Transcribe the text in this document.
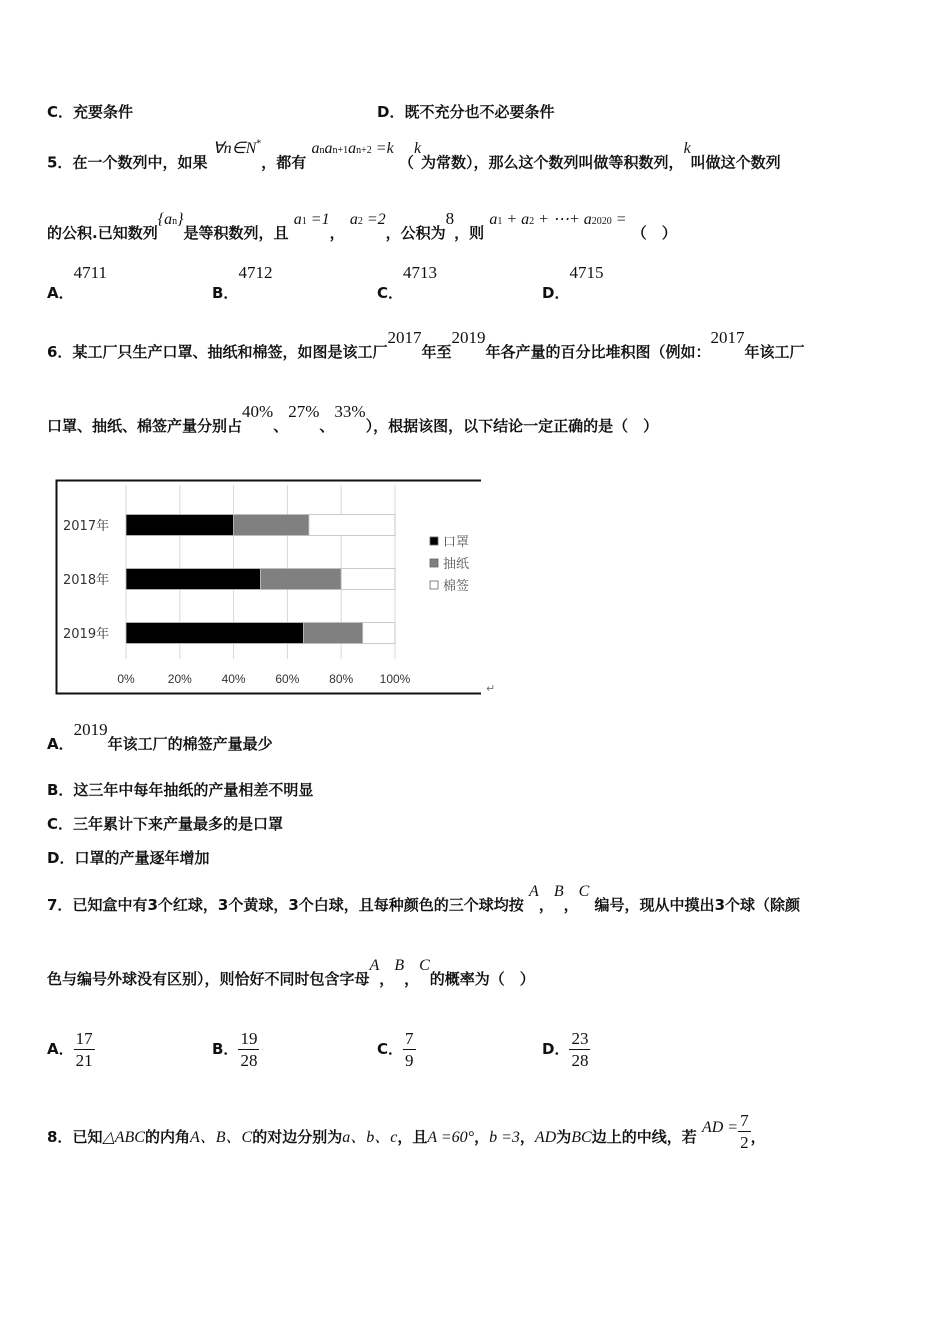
C．充要条件	D．既不充分也不必要条件
5．在一个数列中，如果 ∀n∈N*，都有 anan+1an+2 =k （k为常数），那么这个数列叫做等积数列，k叫做这个数列
的公积.已知数列{an}是等积数列，且 a1 =1， a2 =2，公积为8，则 a1 + a2 + ⋯+ a2020 = （　）
A．4711
B．4712
C．4713
D．4715
6．某工厂只生产口罩、抽纸和棉签，如图是该工厂2017年至2019年各产量的百分比堆积图（例如：2017年该工厂
口罩、抽纸、棉签产量分别占40%、27%、33%），根据该图，以下结论一定正确的是（　）
0%	20% 40% 60% 80% 100%
2017年
2018年
2019年
口罩
抽纸
棉签
↵
A．2019年该工厂的棉签产量最少
B．这三年中每年抽纸的产量相差不明显
C．三年累计下来产量最多的是口罩
D．口罩的产量逐年增加
7．已知盒中有3个红球，3个黄球，3个白球，且每种颜色的三个球均按 A，B，C 编号，现从中摸出3个球（除颜
色与编号外球没有区别），则恰好不同时包含字母A，B，C的概率为（　）
A． $\frac{17}{21}$	B． $\frac{19}{28}$	C． $\frac{7}{9}$	D． $\frac{23}{28}$
8．已知△ABC的内角A、B、C的对边分别为a、b、c，且A =60°，b =3，AD为BC边上的中线，若 AD = $\frac{7}{2}$ ，
